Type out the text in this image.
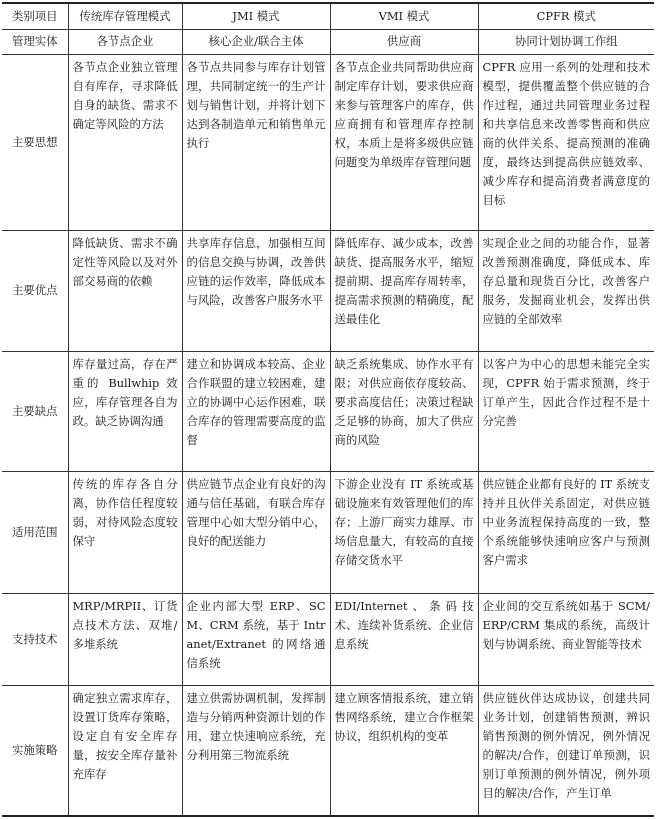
类别项目	传统库存管理模式	JMI 模式	VMI 模式	CPFR 模式
管理实体	各节点企业	核心企业/联合主体	供应商	协同计划协调工作组
主要思想	各节点企业独立管理自有库存，寻求降低自身的缺货、需求不确定等风险的方法	各节点共同参与库存计划管理，共同制定统一的生产计划与销售计划，并将计划下达到各制造单元和销售单元执行	各节点企业共同帮助供应商制定库存计划，要求供应商来参与管理客户的库存，供应商拥有和管理库存控制权，本质上是将多级供应链问题变为单级库存管理问题	CPFR 应用一系列的处理和技术模型，提供覆盖整个供应链的合作过程，通过共同管理业务过程和共享信息来改善零售商和供应商的伙伴关系、提高预测的准确度，最终达到提高供应链效率、减少库存和提高消费者满意度的目标
主要优点	降低缺货、需求不确定性等风险以及对外部交易商的依赖	共享库存信息，加强相互间的信息交换与协调，改善供应链的运作效率，降低成本与风险，改善客户服务水平	降低库存、减少成本，改善缺货、提高服务水平，缩短提前期、提高库存周转率，提高需求预测的精确度，配送最佳化	实现企业之间的功能合作，显著改善预测准确度，降低成本、库存总量和现货百分比，改善客户服务，发掘商业机会，发挥出供应链的全部效率
主要缺点	库存量过高，存在严重的 Bullwhip 效应，库存管理各自为政。缺乏协调沟通	建立和协调成本较高、企业合作联盟的建立较困难，建立的协调中心运作困难，联合库存的管理需要高度的监督	缺乏系统集成、协作水平有限；对供应商依存度较高、要求高度信任；决策过程缺乏足够的协商，加大了供应商的风险	以客户为中心的思想未能完全实现，CPFR 始于需求预测，终于订单产生，因此合作过程不是十分完善
适用范围	传统的库存各自分离，协作信任程度较弱，对待风险态度较保守	供应链节点企业有良好的沟通与信任基础，有联合库存管理中心如大型分销中心，良好的配送能力	下游企业没有 IT 系统或基础设施来有效管理他们的库存；上游厂商实力雄厚、市场信息量大，有较高的直接存储交货水平	供应链企业都有良好的 IT 系统支持并且伙伴关系固定，对供应链中业务流程保持高度的一致，整个系统能够快速响应客户与预测客户需求
支持技术	MRP/MRPII、订货点技术方法、双堆/多堆系统	企业内部大型 ERP、SCM、CRM 系统，基于 Intranet/Extranet 的网络通信系统	EDI/Internet、条码技术、连续补货系统、企业信息系统	企业间的交互系统如基于 SCM/ERP/CRM 集成的系统，高级计划与协调系统、商业智能等技术
实施策略	确定独立需求库存，设置订货库存策略，设定自有安全库存量，按安全库存量补充库存	建立供需协调机制，发挥制造与分销两种资源计划的作用，建立快速响应系统，充分利用第三物流系统	建立顾客情报系统，建立销售网络系统，建立合作框架协议，组织机构的变革	供应链伙伴达成协议，创建共同业务计划，创建销售预测，辨识销售预测的例外情况，例外情况的解决/合作，创建订单预测，识别订单预测的例外情况，例外项目的解决/合作，产生订单
